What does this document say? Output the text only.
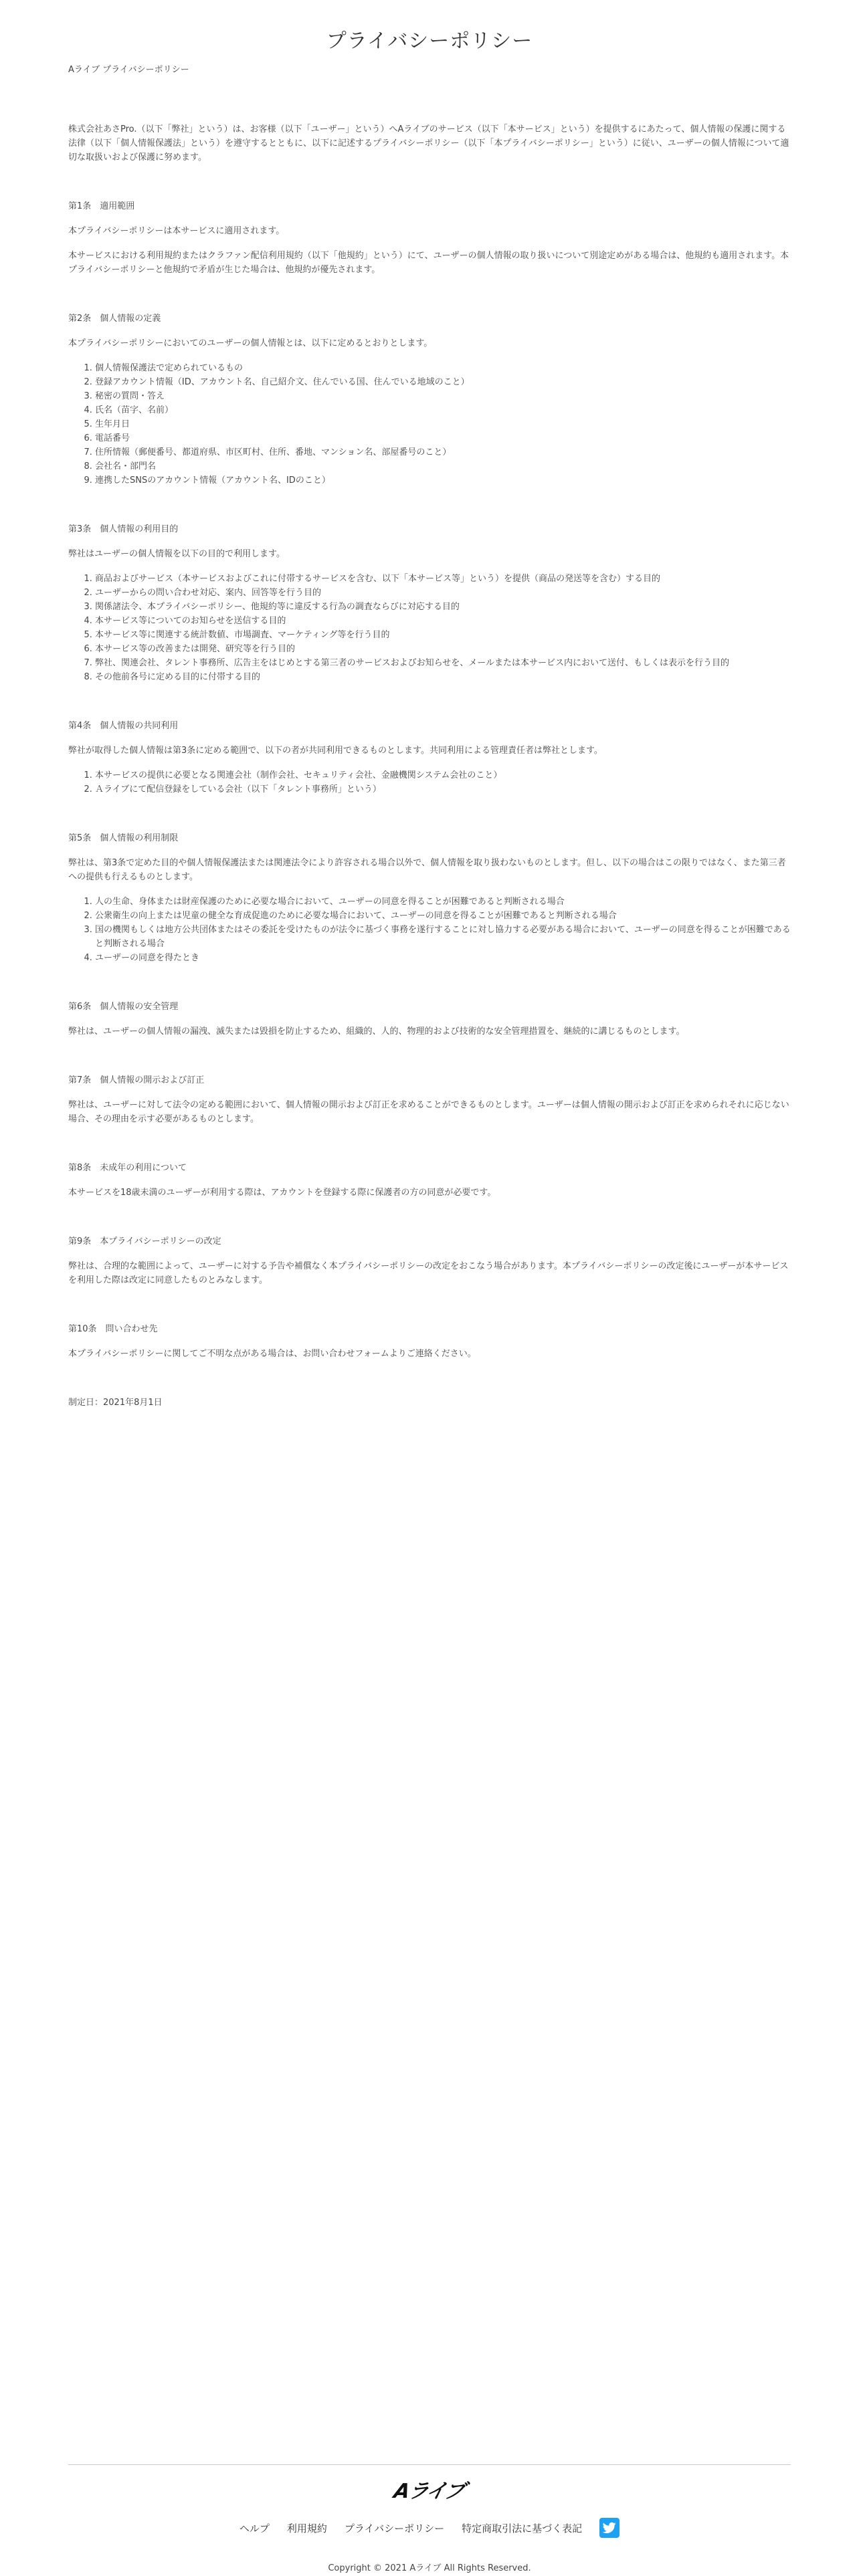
プライバシーポリシー

Aライブ プライバシーポリシー

株式会社あさPro.（以下「弊社」という）は、お客様（以下「ユーザー」という）へAライブのサービス（以下「本サービス」という）を提供するにあたって、個人情報の保護に関する法律（以下「個人情報保護法」という）を遵守するとともに、以下に記述するプライバシーポリシー（以下「本プライバシーポリシー」という）に従い、ユーザーの個人情報について適切な取扱いおよび保護に努めます。

第1条　適用範囲

本プライバシーポリシーは本サービスに適用されます。

本サービスにおける利用規約またはクラファン配信利用規約（以下「他規約」という）にて、ユーザーの個人情報の取り扱いについて別途定めがある場合は、他規約も適用されます。本プライバシーポリシーと他規約で矛盾が生じた場合は、他規約が優先されます。

第2条　個人情報の定義

本プライバシーポリシーにおいてのユーザーの個人情報とは、以下に定めるとおりとします。

1. 個人情報保護法で定められているもの
2. 登録アカウント情報（ID、アカウント名、自己紹介文、住んでいる国、住んでいる地域のこと）
3. 秘密の質問・答え
4. 氏名（苗字、名前）
5. 生年月日
6. 電話番号
7. 住所情報（郵便番号、都道府県、市区町村、住所、番地、マンション名、部屋番号のこと）
8. 会社名・部門名
9. 連携したSNSのアカウント情報（アカウント名、IDのこと）

第3条　個人情報の利用目的

弊社はユーザーの個人情報を以下の目的で利用します。

1. 商品およびサービス（本サービスおよびこれに付帯するサービスを含む、以下「本サービス等」という）を提供（商品の発送等を含む）する目的
2. ユーザーからの問い合わせ対応、案内、回答等を行う目的
3. 関係諸法令、本プライバシーポリシー、他規約等に違反する行為の調査ならびに対応する目的
4. 本サービス等についてのお知らせを送信する目的
5. 本サービス等に関連する統計数値、市場調査、マーケティング等を行う目的
6. 本サービス等の改善または開発、研究等を行う目的
7. 弊社、関連会社、タレント事務所、広告主をはじめとする第三者のサービスおよびお知らせを、メールまたは本サービス内において送付、もしくは表示を行う目的
8. その他前各号に定める目的に付帯する目的

第4条　個人情報の共同利用

弊社が取得した個人情報は第3条に定める範囲で、以下の者が共同利用できるものとします。共同利用による管理責任者は弊社とします。

1. 本サービスの提供に必要となる関連会社（制作会社、セキュリティ会社、金融機関システム会社のこと）
2. Ａライブにて配信登録をしている会社（以下「タレント事務所」という）

第5条　個人情報の利用制限

弊社は、第3条で定めた目的や個人情報保護法または関連法令により許容される場合以外で、個人情報を取り扱わないものとします。但し、以下の場合はこの限りではなく、また第三者への提供も行えるものとします。

1. 人の生命、身体または財産保護のために必要な場合において、ユーザーの同意を得ることが困難であると判断される場合
2. 公衆衛生の向上または児童の健全な育成促進のために必要な場合において、ユーザーの同意を得ることが困難であると判断される場合
3. 国の機関もしくは地方公共団体またはその委託を受けたものが法令に基づく事務を遂行することに対し協力する必要がある場合において、ユーザーの同意を得ることが困難であると判断される場合
4. ユーザーの同意を得たとき

第6条　個人情報の安全管理

弊社は、ユーザーの個人情報の漏洩、滅失または毀損を防止するため、組織的、人的、物理的および技術的な安全管理措置を、継続的に講じるものとします。

第7条　個人情報の開示および訂正

弊社は、ユーザーに対して法令の定める範囲において、個人情報の開示および訂正を求めることができるものとします。ユーザーは個人情報の開示および訂正を求められそれに応じない場合、その理由を示す必要があるものとします。

第8条　未成年の利用について

本サービスを18歳未満のユーザーが利用する際は、アカウントを登録する際に保護者の方の同意が必要です。

第9条　本プライバシーポリシーの改定

弊社は、合理的な範囲によって、ユーザーに対する予告や補償なく本プライバシーポリシーの改定をおこなう場合があります。本プライバシーポリシーの改定後にユーザーが本サービスを利用した際は改定に同意したものとみなします。

第10条　問い合わせ先

本プライバシーポリシーに関してご不明な点がある場合は、お問い合わせフォームよりご連絡ください。

制定日：2021年8月1日

Aライブ
ヘルプ 利用規約 プライバシーポリシー 特定商取引法に基づく表記

Copyright © 2021 Aライブ All Rights Reserved.
